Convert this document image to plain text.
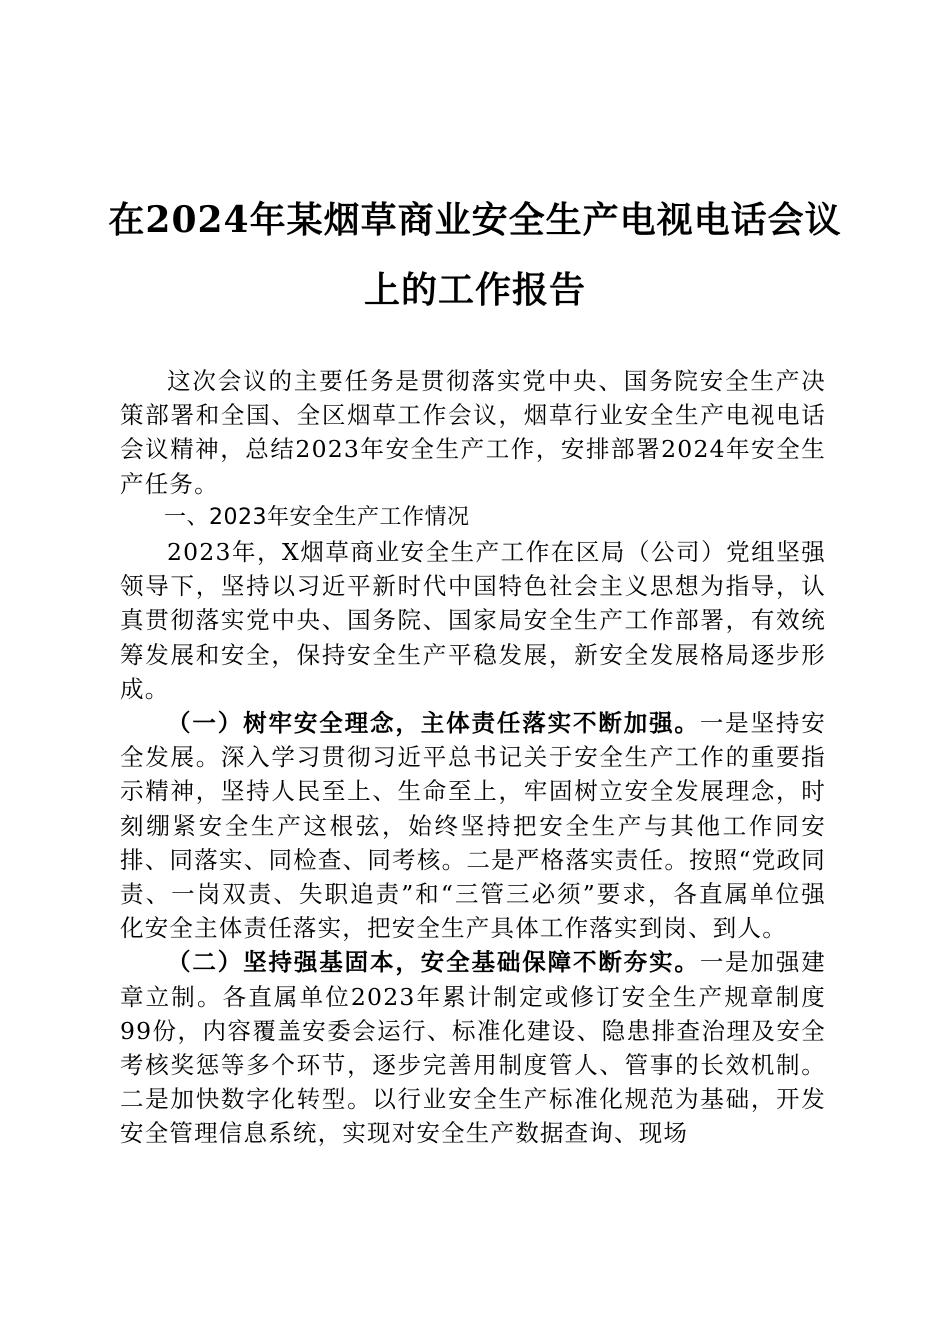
在2024年某烟草商业安全生产电视电话会议
上的工作报告

这次会议的主要任务是贯彻落实党中央、国务院安全生产决策部署和全国、全区烟草工作会议，烟草行业安全生产电视电话会议精神，总结2023年安全生产工作，安排部署2024年安全生产任务。

一、2023年安全生产工作情况

2023年，X烟草商业安全生产工作在区局（公司）党组坚强领导下，坚持以习近平新时代中国特色社会主义思想为指导，认真贯彻落实党中央、国务院、国家局安全生产工作部署，有效统筹发展和安全，保持安全生产平稳发展，新安全发展格局逐步形成。

（一）树牢安全理念，主体责任落实不断加强。一是坚持安全发展。深入学习贯彻习近平总书记关于安全生产工作的重要指示精神，坚持人民至上、生命至上，牢固树立安全发展理念，时刻绷紧安全生产这根弦，始终坚持把安全生产与其他工作同安排、同落实、同检查、同考核。二是严格落实责任。按照“党政同责、一岗双责、失职追责”和“三管三必须”要求，各直属单位强化安全主体责任落实，把安全生产具体工作落实到岗、到人。

（二）坚持强基固本，安全基础保障不断夯实。一是加强建章立制。各直属单位2023年累计制定或修订安全生产规章制度99份，内容覆盖安委会运行、标准化建设、隐患排查治理及安全考核奖惩等多个环节，逐步完善用制度管人、管事的长效机制。二是加快数字化转型。以行业安全生产标准化规范为基础，开发安全管理信息系统，实现对安全生产数据查询、现场
